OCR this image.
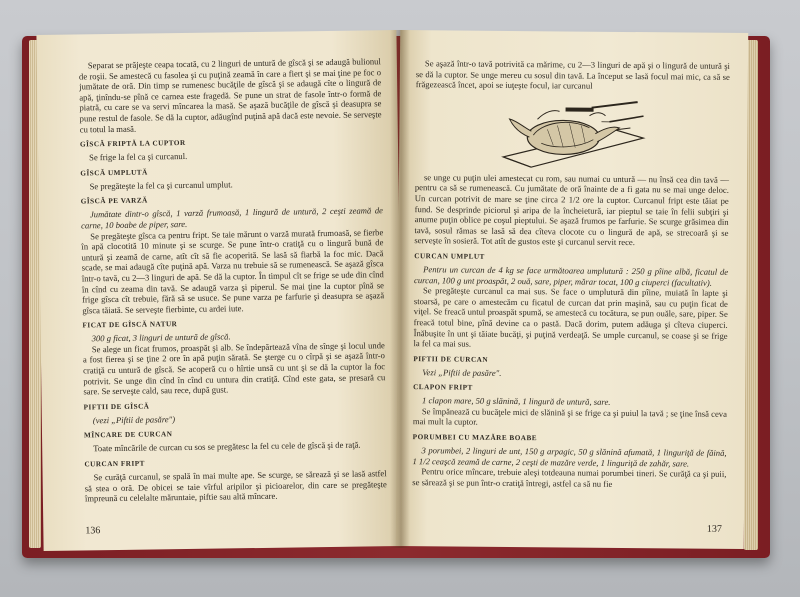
Separat se prăjeşte ceapa tocată, cu 2 linguri de untură de gîscă şi se adaugă bulionul de roşii. Se amestecă cu fasolea şi cu puţină zeamă în care a fiert şi se mai ţine pe foc o jumătate de oră. Din timp se rumenesc bucăţile de gîscă şi se adaugă cîte o lingură de apă, ţinîndu-se pînă ce carnea este fragedă. Se pune un strat de fasole într-o formă de piatră, cu care se va servi mîncarea la masă. Se aşază bucăţile de gîscă şi deasupra se pune restul de fasole. Se dă la cuptor, adăugînd puţină apă dacă este nevoie. Se serveşte cu totul la masă.

GÎSCĂ FRIPTĂ LA CUPTOR

Se frige la fel ca şi curcanul.

GÎSCĂ UMPLUTĂ

Se pregăteşte la fel ca şi curcanul umplut.

GÎSCĂ PE VARZĂ

Jumătate dintr-o gîscă, 1 varză frumoasă, 1 lingură de untură, 2 ceşti zeamă de carne, 10 boabe de piper, sare.

Se pregăteşte gîsca ca pentru fript. Se taie mărunt o varză murată frumoasă, se fierbe în apă clocotită 10 minute şi se scurge. Se pune într-o cratiţă cu o lingură bună de untură şi zeamă de carne, atît cît să fie acoperită. Se lasă să fiarbă la foc mic. Dacă scade, se mai adaugă cîte puţină apă. Varza nu trebuie să se rumenească. Se aşază gîsca într-o tavă, cu 2—3 linguri de apă. Se dă la cuptor. În timpul cît se frige se ude din cînd în cînd cu zeama din tavă. Se adaugă varza şi piperul. Se mai ţine la cuptor pînă se frige gîsca cît trebuie, fără să se usuce. Se pune varza pe farfurie şi deasupra se aşază gîsca tăiată. Se serveşte fierbinte, cu ardei iute.

FICAT DE GÎSCĂ NATUR

300 g ficat, 3 linguri de untură de gîscă.

Se alege un ficat frumos, proaspăt şi alb. Se îndepărtează vîna de sînge şi locul unde a fost fierea şi se ţine 2 ore în apă puţin sărată. Se şterge cu o cîrpă şi se aşază într-o cratiţă cu untură de gîscă. Se acoperă cu o hîrtie unsă cu unt şi se dă la cuptor la foc potrivit. Se unge din cînd în cînd cu untura din cratiţă. Cînd este gata, se presară cu sare. Se serveşte cald, sau rece, după gust.

PIFTII DE GÎSCĂ

(vezi „Piftii de pasăre")

MÎNCARE DE CURCAN

Toate mîncările de curcan cu sos se pregătesc la fel cu cele de gîscă şi de raţă.

CURCAN FRIPT

Se curăţă curcanul, se spală în mai multe ape. Se scurge, se sărează şi se lasă astfel să stea o oră. De obicei se taie vîrful aripilor şi picioarelor, din care se pregăteşte împreună cu celelalte măruntaie, piftie sau altă mîncare.

136

Se aşază într-o tavă potrivită ca mărime, cu 2—3 linguri de apă şi o lingură de untură şi se dă la cuptor. Se unge mereu cu sosul din tavă. La început se lasă focul mai mic, ca să se frăgezească încet, apoi se iuţeşte focul, iar curcanul

se unge cu puţin ulei amestecat cu rom, sau numai cu untură — nu însă cea din tavă — pentru ca să se rumenească. Cu jumătate de oră înainte de a fi gata nu se mai unge deloc. Un curcan potrivit de mare se ţine circa 2 1/2 ore la cuptor. Curcanul fript este tăiat pe fund. Se desprinde piciorul şi aripa de la încheietură, iar pieptul se taie în felii subţiri şi anume puţin oblice pe coşul pieptului. Se aşază frumos pe farfurie. Se scurge grăsimea din tavă, sosul rămas se lasă să dea cîteva clocote cu o lingură de apă, se strecoară şi se serveşte în sosieră. Tot atît de gustos este şi curcanul servit rece.

CURCAN UMPLUT

Pentru un curcan de 4 kg se face următoarea umplutură : 250 g pîine albă, ficatul de curcan, 100 g unt proaspăt, 2 ouă, sare, piper, mărar tocat, 100 g ciuperci (facultativ).

Se pregăteşte curcanul ca mai sus. Se face o umplutură din pîine, muiată în lapte şi stoarsă, pe care o amestecăm cu ficatul de curcan dat prin maşină, sau cu puţin ficat de viţel. Se freacă untul proaspăt spumă, se amestecă cu tocătura, se pun ouăle, sare, piper. Se freacă totul bine, pînă devine ca o pastă. Dacă dorim, putem adăuga şi cîteva ciuperci. Înăbuşite în unt şi tăiate bucăţi, şi puţină verdeaţă. Se umple curcanul, se coase şi se frige la fel ca mai sus.

PIFTII DE CURCAN

Vezi „Piftii de pasăre".

CLAPON FRIPT

1 clapon mare, 50 g slănină, 1 lingură de untură, sare.

Se împănează cu bucăţele mici de slănină şi se frige ca şi puiul la tavă ; se ţine însă ceva mai mult la cuptor.

PORUMBEI CU MAZĂRE BOABE

3 porumbei, 2 linguri de unt, 150 g arpagic, 50 g slănină afumată, 1 linguriţă de făină, 1 1/2 ceaşcă zeamă de carne, 2 ceşti de mazăre verde, 1 linguriţă de zahăr, sare.

Pentru orice mîncare, trebuie aleşi totdeauna numai porumbei tineri. Se curăţă ca şi puii, se sărează şi se pun într-o cratiţă întregi, astfel ca să nu fie

137
